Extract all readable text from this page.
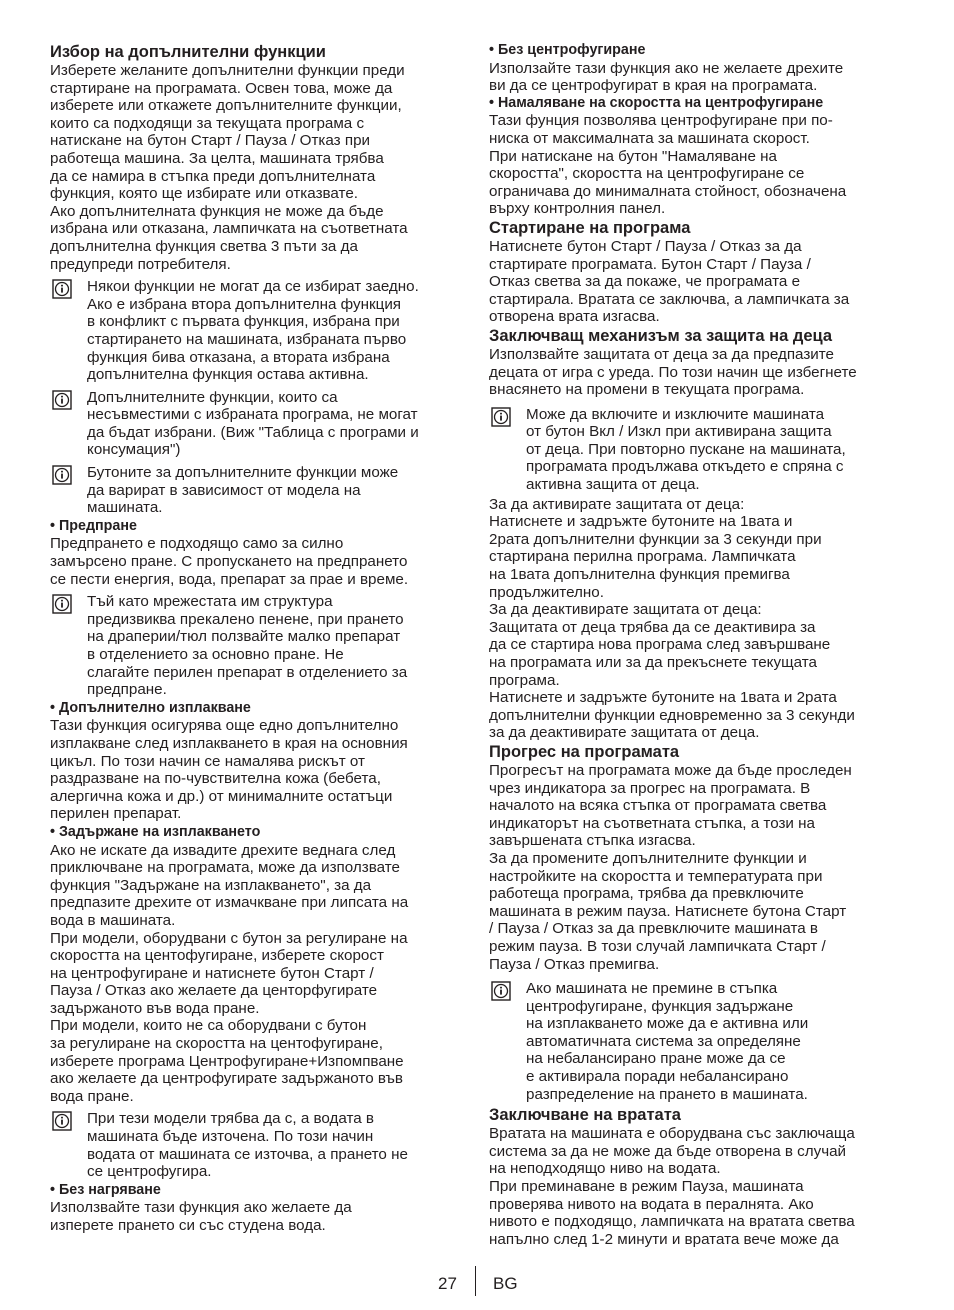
Избор на допълнителни функции

Изберете желаните допълнителни функции преди
стартиране на програмата. Освен това, може да
изберете или откажете допълнителните функции,
които са подходящи за текущата програма с
натискане на бутон Старт / Пауза / Отказ при
работеща машина. За целта, машината трябва
да се намира в стъпка преди допълнителната
функция, която ще избирате или отказвате.
Ако допълнителната функция не може да бъде
избрана или отказана, лампичката на съответната
допълнителна функция светва 3 пъти за да
предупреди потребителя.

Някои функции не могат да се избират заедно.
Ако е избрана втора допълнителна функция
в конфликт с първата функция, избрана при
стартирането на машината, избраната първо
функция бива отказана, а втората избрана
допълнителна функция остава активна.

Допълнителните функции, които са
несъвместими с избраната програма, не могат
да бъдат избрани. (Виж "Таблица с програми и
консумация")

Бутоните за допълнителните функции може
да варират в зависимост от модела на
машината.

• Предпране

Предпрането е подходящо само за силно
замърсено пране. С пропускането на предпрането
се пести енергия, вода, препарат за прае и време.

Тъй като мрежестата им структура
предизвиква прекалено пенене, при прането
на драперии/тюл ползвайте малко препарат
в отделението за основно пране. Не
слагайте перилен препарат в отделението за
предпране.

• Допълнително изплакване

Тази функция осигурява още едно допълнително
изплакване след изплакването в края на основния
цикъл. По този начин се намалява рискът от
раздразване на по-чувствителна кожа (бебета,
алергична кожа и др.) от минималните остатъци
перилен препарат.

• Задържане на изплакването

Ако не искате да извадите дрехите веднага след
приключване на програмата, може да използвате
функция "Задържане на изплакването", за да
предпазите дрехите от измачкване при липсата на
вода в машината.
При модели, оборудвани с бутон за регулиране на
скоростта на центофугиране, изберете скорост
на центрофугиране и натиснете бутон Старт /
Пауза / Отказ ако желаете да центорфугирате
задържаното във вода пране.
При модели, които не са оборудвани с бутон
за регулиране на скоростта на центофугиране,
изберете програма Центрофугиране+Изпомпване
ако желаете да центрофугирате задържаното във
вода пране.

При тези модели трябва да с, а водата в
машината бъде източена. По този начин
водата от машината се източва, а прането не
се центрофугира.

• Без нагряване

Използвайте тази функция ако желаете да
изперете прането си със студена вода.

• Без центрофугиране

Използайте тази функция ако не желаете дрехите
ви да се центрофугират в края на програмата.

• Намаляване на скоростта на центрофугиране

Тази фунция позволява центрофугиране при по-
ниска от максималната за машината скорост.
При натискане на бутон "Намаляване на
скоростта", скоростта на центрофугиране се
ограничава до минималната стойност, обозначена
върху контролния панел.

Стартиране на програма

Натиснете бутон Старт / Пауза / Отказ за да
стартирате програмата. Бутон Старт / Пауза /
Отказ светва за да покаже, че програмата е
стартирала. Вратата се заключва, а лампичката за
отворена врата изгасва.

Заключващ механизъм за защита на деца

Използвайте защитата от деца за да предпазите
децата от игра с уреда. По този начин ще избегнете
внасянето на промени в текущата програма.

Може да включите и изключите машината
от бутон Вкл / Изкл при активирана защита
от деца. При повторно пускане на машината,
програмата продължава откъдето е спряна с
активна защита от деца.

За да активирате защитата от деца:
Натиснете и задръжте бутоните на 1вата и
2рата допълнителни функции за 3 секунди при
стартирана перилна програма. Лампичката
на 1вата допълнителна функция премигва
продължително.
За да деактивирате защитата от деца:
Защитата от деца трябва да се деактивира за
да се стартира нова програма след завършване
на програмата или за да прекъснете текущата
програма.
Натиснете и задръжте бутоните на 1вата и 2рата
допълнителни функции едновременно за 3 секунди
за да деактивирате защитата от деца.

Прогрес на програмата

Прогресът на програмата може да бъде проследен
чрез индикатора за прогрес на програмата. В
началото на всяка стъпка от програмата светва
индикаторът на съответната стъпка, а този на
завършената стъпка изгасва.
За да промените допълнителните функции и
настройките на скоростта и температурата при
работеща програма, трябва да превключите
машината в режим пауза. Натиснете бутона Старт
/ Пауза / Отказ за да превключите машината в
режим пауза. В този случай лампичката Старт /
Пауза / Отказ премигва.

Ако машината не премине в стъпка
центрофугиране, функция задържане
на изплакването може да е активна или
автоматичната система за определяне
на небалансирано пране може да се
е активирала поради небалансирано
разпределение на прането в машината.

Заключване на вратата

Вратата на машината е оборудвана със заключаща
система за да не може да бъде отворена в случай
на неподходящо ниво на водата.
При преминаване в режим Пауза, машината
проверява нивото на водата в пералнята. Ако
нивото е подходящо, лампичката на вратата светва
напълно след 1-2 минути и вратата вече може да

27 BG
